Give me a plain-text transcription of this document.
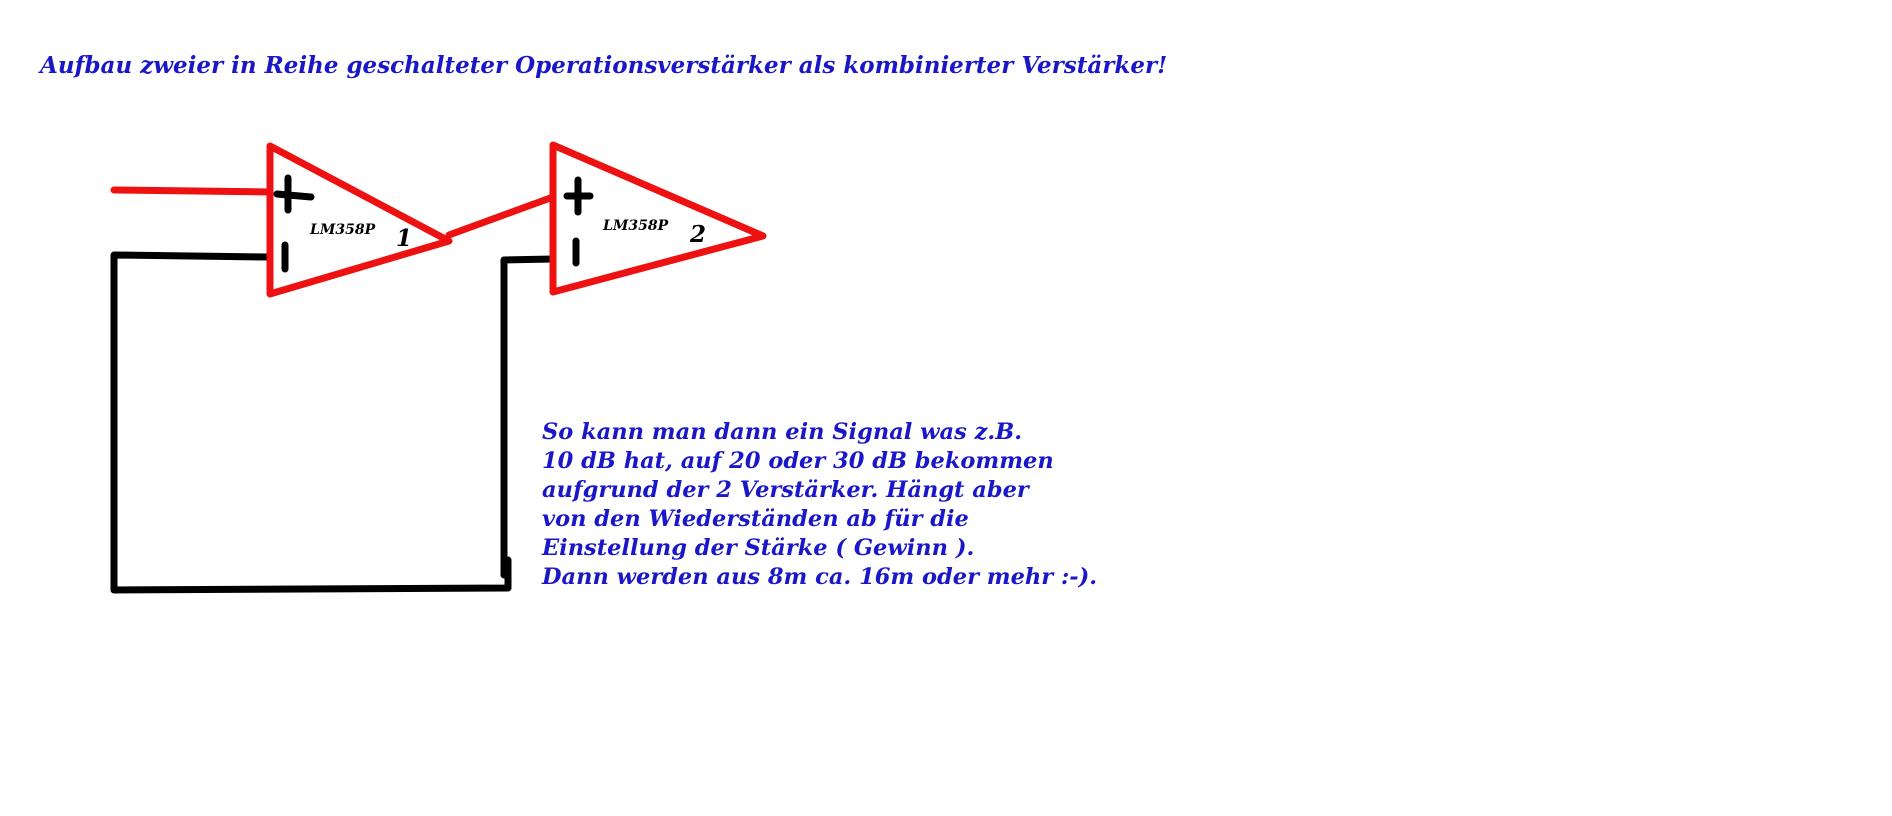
Aufbau zweier in Reihe geschalteter Operationsverstärker als kombinierter Verstärker!
LM358P 1	LM358P 2
So kann man dann ein Signal was z.B.
10 dB hat, auf 20 oder 30 dB bekommen
aufgrund der 2 Verstärker. Hängt aber
von den Wiederständen ab für die
Einstellung der Stärke ( Gewinn ).
Dann werden aus 8m ca. 16m oder mehr :-).
